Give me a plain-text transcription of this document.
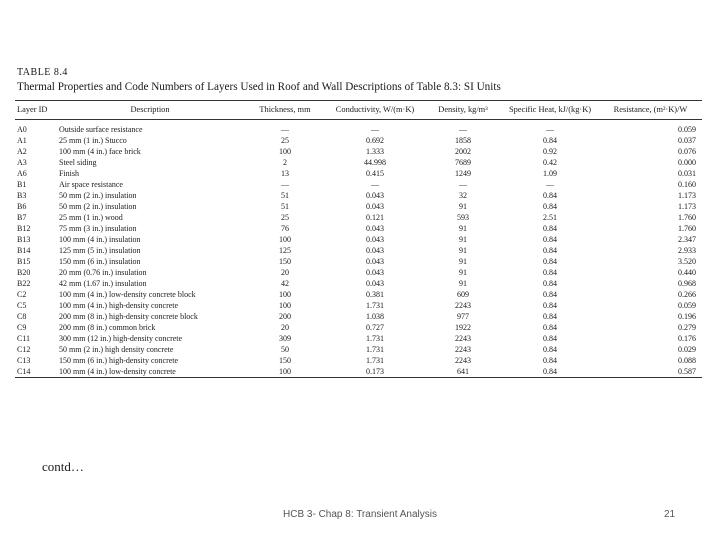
TABLE 8.4
Thermal Properties and Code Numbers of Layers Used in Roof and Wall Descriptions of Table 8.3: SI Units
Layer ID	Description	Thickness, mm	Conductivity, W/(m·K)	Density, kg/m³	Specific Heat, kJ/(kg·K)	Resistance, (m²·K)/W
A0	Outside surface resistance	—	—	—	—	0.059
A1	25 mm (1 in.) Stucco	25	0.692	1858	0.84	0.037
A2	100 mm (4 in.) face brick	100	1.333	2002	0.92	0.076
A3	Steel siding	2	44.998	7689	0.42	0.000
A6	Finish	13	0.415	1249	1.09	0.031
B1	Air space resistance	—	—	—	—	0.160
B3	50 mm (2 in.) insulation	51	0.043	32	0.84	1.173
B6	50 mm (2 in.) insulation	51	0.043	91	0.84	1.173
B7	25 mm (1 in.) wood	25	0.121	593	2.51	1.760
B12	75 mm (3 in.) insulation	76	0.043	91	0.84	1.760
B13	100 mm (4 in.) insulation	100	0.043	91	0.84	2.347
B14	125 mm (5 in.) insulation	125	0.043	91	0.84	2.933
B15	150 mm (6 in.) insulation	150	0.043	91	0.84	3.520
B20	20 mm (0.76 in.) insulation	20	0.043	91	0.84	0.440
B22	42 mm (1.67 in.) insulation	42	0.043	91	0.84	0.968
C2	100 mm (4 in.) low-density concrete block	100	0.381	609	0.84	0.266
C5	100 mm (4 in.) high-density concrete	100	1.731	2243	0.84	0.059
C8	200 mm (8 in.) high-density concrete block	200	1.038	977	0.84	0.196
C9	200 mm (8 in.) common brick	20	0.727	1922	0.84	0.279
C11	300 mm (12 in.) high-density concrete	309	1.731	2243	0.84	0.176
C12	50 mm (2 in.) high density concrete	50	1.731	2243	0.84	0.029
C13	150 mm (6 in.) high-density concrete	150	1.731	2243	0.84	0.088
C14	100 mm (4 in.) low-density concrete	100	0.173	641	0.84	0.587
contd…
HCB 3- Chap 8: Transient Analysis	21
